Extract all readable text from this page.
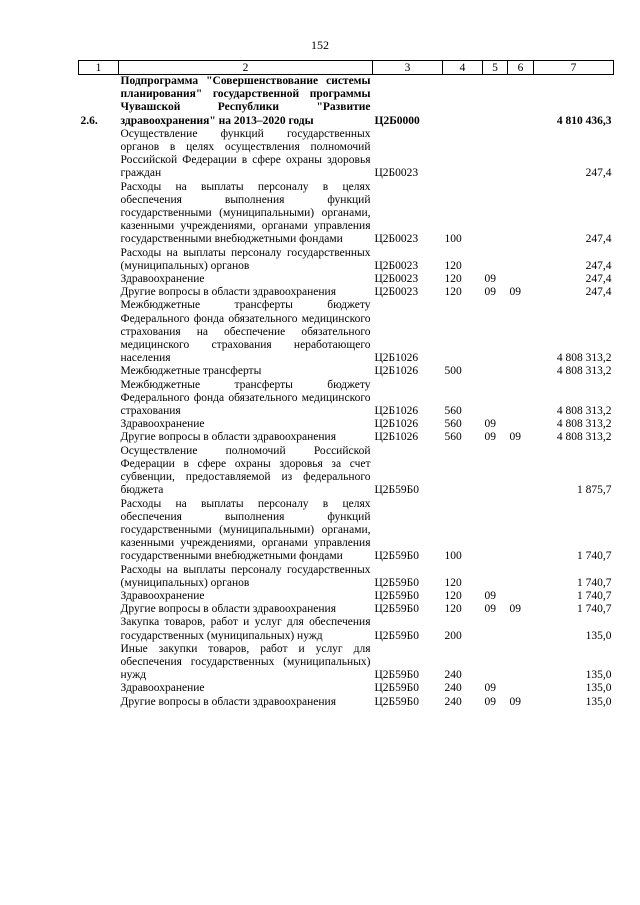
152
1	2	3	4	5	6	7
2.6.	Подпрограмма "Совершенствование системы планирования" государственной программы Чувашской Республики "Развитие здравоохранения" на 2013–2020 годы	Ц2Б0000				4 810 436,3
	Осуществление функций государственных органов в целях осуществления полномочий Российской Федерации в сфере охраны здоровья граждан	Ц2Б0023				247,4
	Расходы на выплаты персоналу в целях обеспечения выполнения функций государственными (муниципальными) органами, казенными учреждениями, органами управления государственными внебюджетными фондами	Ц2Б0023	100			247,4
	Расходы на выплаты персоналу государственных (муниципальных) органов	Ц2Б0023	120			247,4
	Здравоохранение	Ц2Б0023	120	09		247,4
	Другие вопросы в области здравоохранения	Ц2Б0023	120	09	09	247,4
	Межбюджетные трансферты бюджету Федерального фонда обязательного медицинского страхования на обеспечение обязательного медицинского страхования неработающего населения	Ц2Б1026				4 808 313,2
	Межбюджетные трансферты	Ц2Б1026	500			4 808 313,2
	Межбюджетные трансферты бюджету Федерального фонда обязательного медицинского страхования	Ц2Б1026	560			4 808 313,2
	Здравоохранение	Ц2Б1026	560	09		4 808 313,2
	Другие вопросы в области здравоохранения	Ц2Б1026	560	09	09	4 808 313,2
	Осуществление полномочий Российской Федерации в сфере охраны здоровья за счет субвенции, предоставляемой из федерального бюджета	Ц2Б59Б0				1 875,7
	Расходы на выплаты персоналу в целях обеспечения выполнения функций государственными (муниципальными) органами, казенными учреждениями, органами управления государственными внебюджетными фондами	Ц2Б59Б0	100			1 740,7
	Расходы на выплаты персоналу государственных (муниципальных) органов	Ц2Б59Б0	120			1 740,7
	Здравоохранение	Ц2Б59Б0	120	09		1 740,7
	Другие вопросы в области здравоохранения	Ц2Б59Б0	120	09	09	1 740,7
	Закупка товаров, работ и услуг для обеспечения государственных (муниципальных) нужд	Ц2Б59Б0	200			135,0
	Иные закупки товаров, работ и услуг для обеспечения государственных (муниципальных) нужд	Ц2Б59Б0	240			135,0
	Здравоохранение	Ц2Б59Б0	240	09		135,0
	Другие вопросы в области здравоохранения	Ц2Б59Б0	240	09	09	135,0
